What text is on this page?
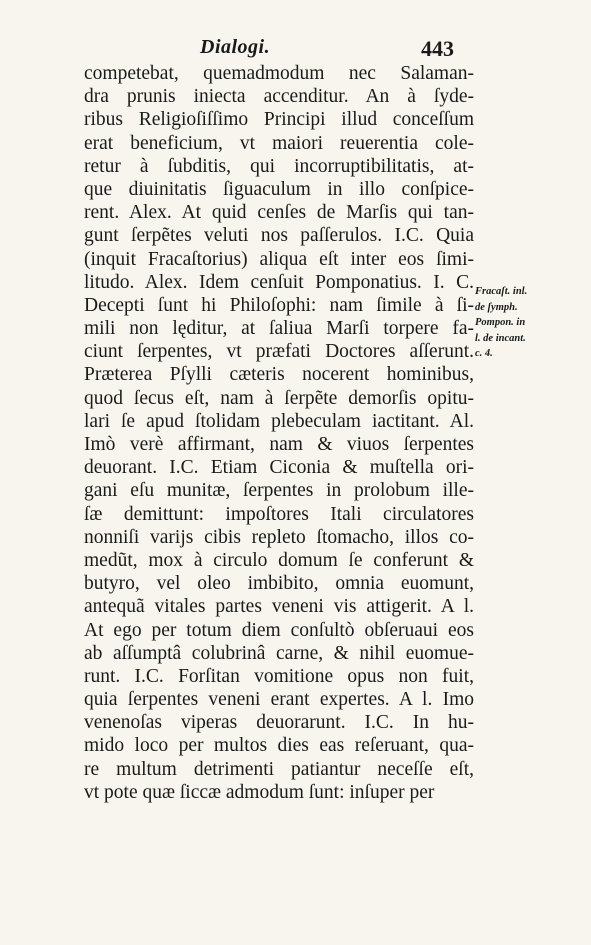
Dialogi.	443
competebat, quemadmodum nec Salaman-
dra prunis iniecta accenditur. An à ſyde-
ribus Religioſiſſimo Principi illud conceſſum
erat beneficium, vt maiori reuerentia cole-
retur à ſubditis, qui incorruptibilitatis, at-
que diuinitatis ſiguaculum in illo conſpice-
rent. Alex. At quid cenſes de Marſis qui tan-
gunt ſerpẽtes veluti nos paſſerulos. I.C. Quia
(inquit Fracaſtorius) aliqua eſt inter eos ſimi-
litudo. Alex. Idem cenſuit Pomponatius. I. C.
Decepti ſunt hi Philoſophi: nam ſimile à ſi-
mili non lęditur, at ſaliua Marſi torpere fa-
ciunt ſerpentes, vt præfati Doctores aſſerunt.
Præterea Pſylli cæteris nocerent hominibus,
quod ſecus eſt, nam à ſerpẽte demorſis opitu-
lari ſe apud ſtolidam plebeculam iactitant. Al.
Imò verè affirmant, nam & viuos ſerpentes
deuorant. I.C. Etiam Ciconia & muſtella ori-
gani eſu munitæ, ſerpentes in prolobum ille-
ſæ demittunt: impoſtores Itali circulatores
nonniſi varijs cibis repleto ſtomacho, illos co-
medũt, mox à circulo domum ſe conferunt &
butyro, vel oleo imbibito, omnia euomunt,
antequã vitales partes veneni vis attigerit. A l.
At ego per totum diem conſultò obſeruaui eos
ab aſſumptâ colubrinâ carne, & nihil euomue-
runt. I.C. Forſitan vomitione opus non fuit,
quia ſerpentes veneni erant expertes. A l. Imo
venenoſas viperas deuorarunt. I.C. In hu-
mido loco per multos dies eas reſeruant, qua-
re multum detrimenti patiantur neceſſe eſt,
vt pote quæ ſiccæ admodum ſunt: inſuper per
Fracaſt. inl.
de ſymph.
Pompon. in
l. de incant.
c. 4.
